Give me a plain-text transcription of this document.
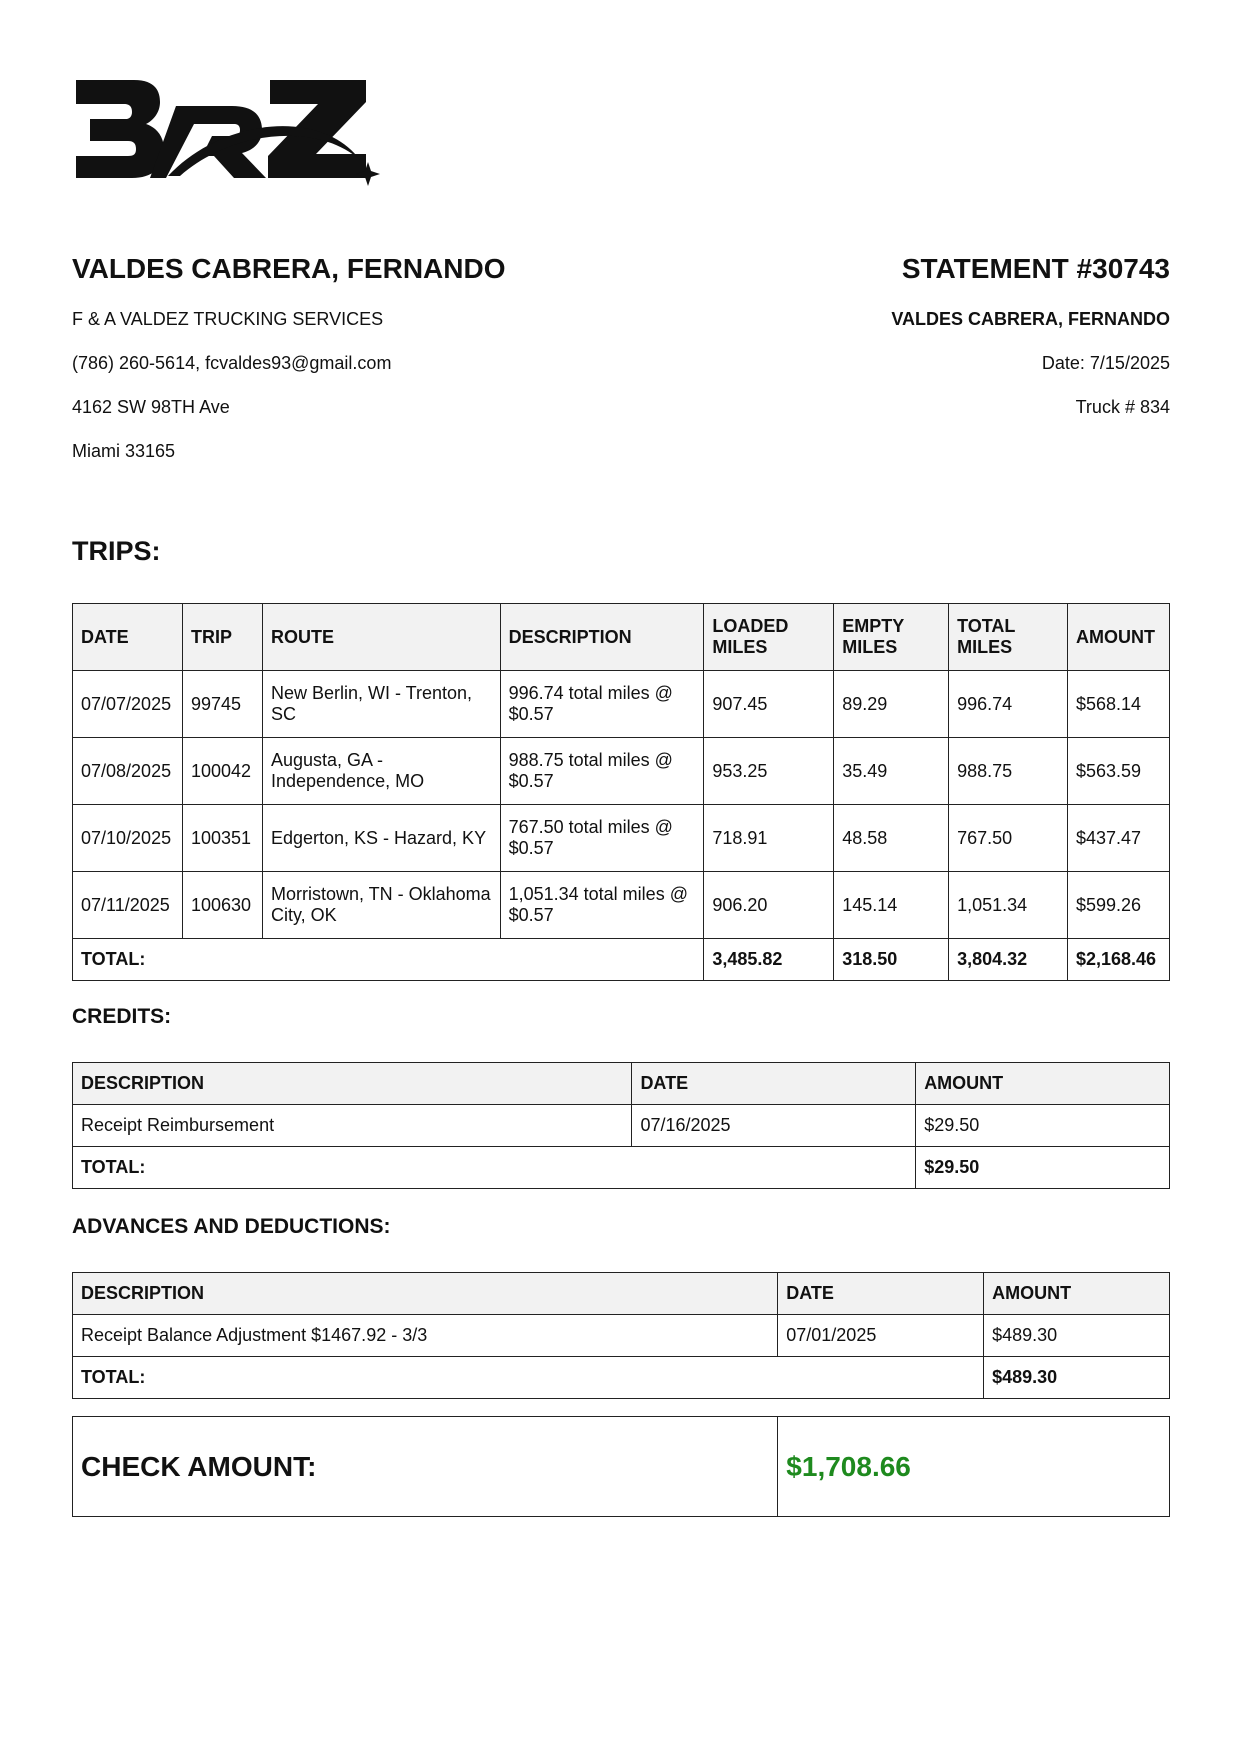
VALDES CABRERA, FERNANDO

F & A VALDEZ TRUCKING SERVICES

(786) 260-5614, fcvaldes93@gmail.com

4162 SW 98TH Ave

Miami 33165

STATEMENT #30743

VALDES CABRERA, FERNANDO

Date: 7/15/2025

Truck # 834

TRIPS:

DATE	TRIP	ROUTE	DESCRIPTION	LOADED MILES	EMPTY MILES	TOTAL MILES	AMOUNT
07/07/2025	99745	New Berlin, WI - Trenton, SC	996.74 total miles @ $0.57	907.45	89.29	996.74	$568.14
07/08/2025	100042	Augusta, GA - Independence, MO	988.75 total miles @ $0.57	953.25	35.49	988.75	$563.59
07/10/2025	100351	Edgerton, KS - Hazard, KY	767.50 total miles @ $0.57	718.91	48.58	767.50	$437.47
07/11/2025	100630	Morristown, TN - Oklahoma City, OK	1,051.34 total miles @ $0.57	906.20	145.14	1,051.34	$599.26
TOTAL:				3,485.82	318.50	3,804.32	$2,168.46

CREDITS:

DESCRIPTION	DATE	AMOUNT
Receipt Reimbursement	07/16/2025	$29.50
TOTAL:		$29.50

ADVANCES AND DEDUCTIONS:

DESCRIPTION	DATE	AMOUNT
Receipt Balance Adjustment $1467.92 - 3/3	07/01/2025	$489.30
TOTAL:		$489.30
CHECK AMOUNT:	$1,708.66
